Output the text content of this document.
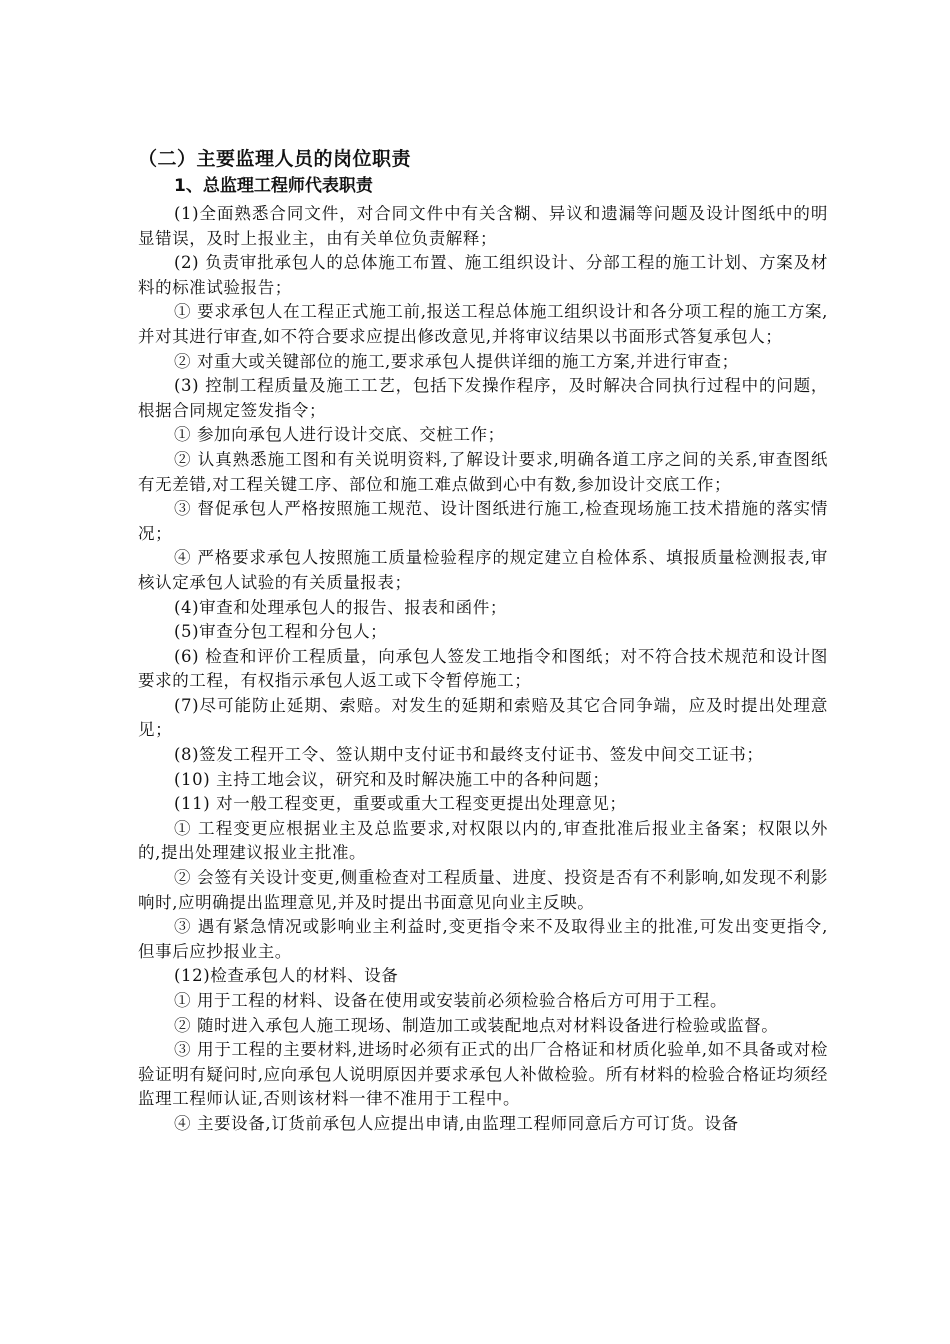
（二）主要监理人员的岗位职责
1、总监理工程师代表职责

(1)全面熟悉合同文件，对合同文件中有关含糊、异议和遗漏等问题及设计图纸中的明显错误，及时上报业主，由有关单位负责解释；

(2) 负责审批承包人的总体施工布置、施工组织设计、分部工程的施工计划、方案及材料的标准试验报告；

① 要求承包人在工程正式施工前,报送工程总体施工组织设计和各分项工程的施工方案,并对其进行审查,如不符合要求应提出修改意见,并将审议结果以书面形式答复承包人；

② 对重大或关键部位的施工,要求承包人提供详细的施工方案,并进行审查；

(3) 控制工程质量及施工工艺，包括下发操作程序，及时解决合同执行过程中的问题，根据合同规定签发指令；

① 参加向承包人进行设计交底、交桩工作；

② 认真熟悉施工图和有关说明资料,了解设计要求,明确各道工序之间的关系,审查图纸有无差错,对工程关键工序、部位和施工难点做到心中有数,参加设计交底工作；

③ 督促承包人严格按照施工规范、设计图纸进行施工,检查现场施工技术措施的落实情况；

④ 严格要求承包人按照施工质量检验程序的规定建立自检体系、填报质量检测报表,审核认定承包人试验的有关质量报表；

(4)审查和处理承包人的报告、报表和函件；

(5)审查分包工程和分包人；

(6) 检查和评价工程质量，向承包人签发工地指令和图纸；对不符合技术规范和设计图要求的工程，有权指示承包人返工或下令暂停施工；

(7)尽可能防止延期、索赔。对发生的延期和索赔及其它合同争端，应及时提出处理意见；

(8)签发工程开工令、签认期中支付证书和最终支付证书、签发中间交工证书；

(10) 主持工地会议，研究和及时解决施工中的各种问题；

(11) 对一般工程变更，重要或重大工程变更提出处理意见；

① 工程变更应根据业主及总监要求,对权限以内的,审查批准后报业主备案；权限以外的,提出处理建议报业主批准。

② 会签有关设计变更,侧重检查对工程质量、进度、投资是否有不利影响,如发现不利影响时,应明确提出监理意见,并及时提出书面意见向业主反映。

③ 遇有紧急情况或影响业主利益时,变更指令来不及取得业主的批准,可发出变更指令,但事后应抄报业主。

(12)检查承包人的材料、设备

① 用于工程的材料、设备在使用或安装前必须检验合格后方可用于工程。

② 随时进入承包人施工现场、制造加工或装配地点对材料设备进行检验或监督。

③ 用于工程的主要材料,进场时必须有正式的出厂合格证和材质化验单,如不具备或对检验证明有疑问时,应向承包人说明原因并要求承包人补做检验。所有材料的检验合格证均须经监理工程师认证,否则该材料一律不准用于工程中。

④ 主要设备,订货前承包人应提出申请,由监理工程师同意后方可订货。设备
